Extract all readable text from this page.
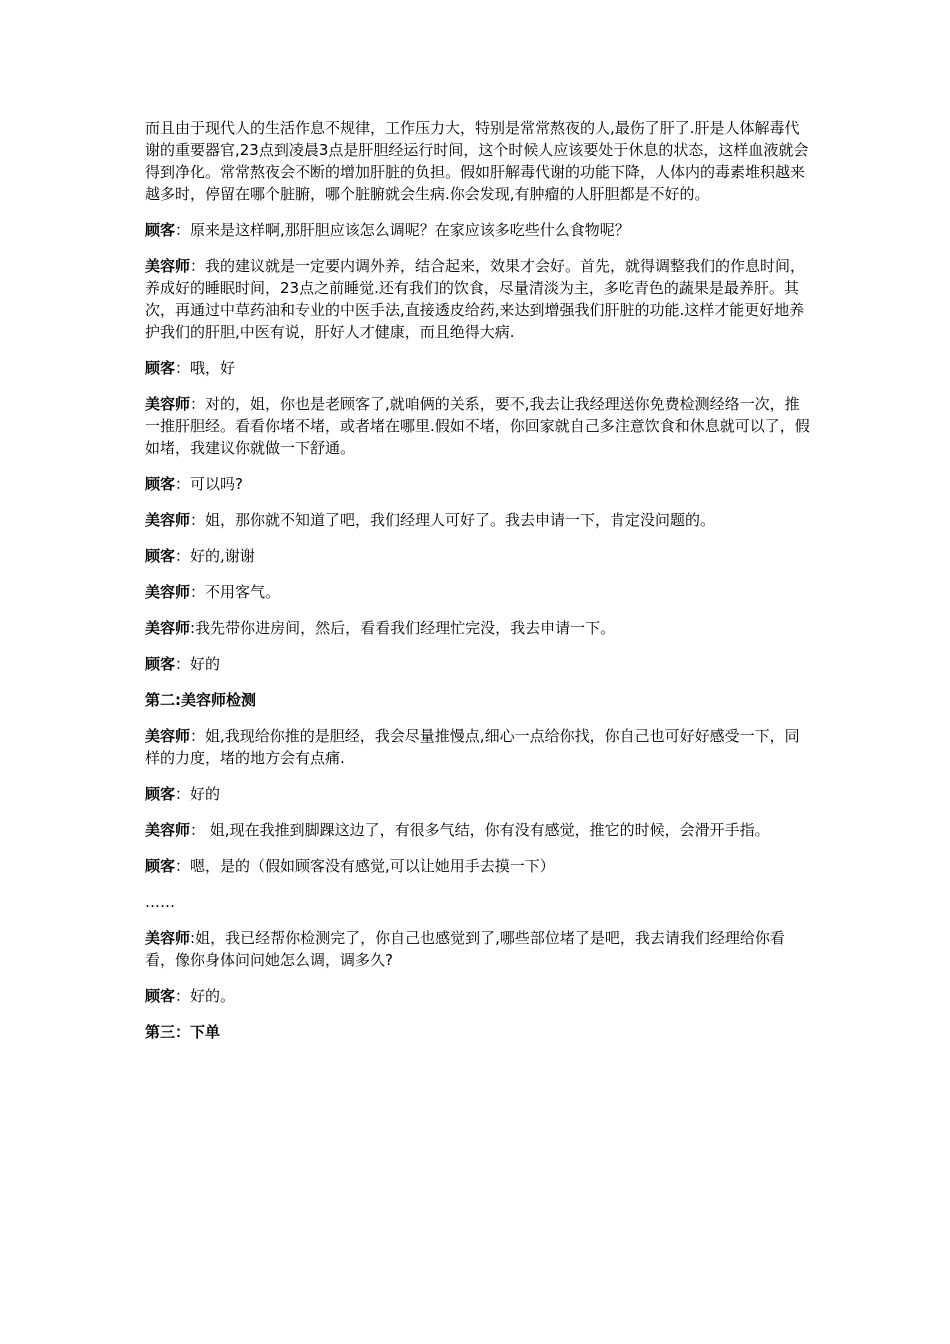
而且由于现代人的生活作息不规律，工作压力大，特别是常常熬夜的人,最伤了肝了.肝是人体解毒代谢的重要器官,23点到凌晨3点是肝胆经运行时间，这个时候人应该要处于休息的状态，这样血液就会得到净化。常常熬夜会不断的增加肝脏的负担。假如肝解毒代谢的功能下降，人体内的毒素堆积越来越多时，停留在哪个脏腑，哪个脏腑就会生病.你会发现,有肿瘤的人肝胆都是不好的。

顾客：原来是这样啊,那肝胆应该怎么调呢？在家应该多吃些什么食物呢？

美容师：我的建议就是一定要内调外养，结合起来，效果才会好。首先，就得调整我们的作息时间，养成好的睡眠时间，23点之前睡觉.还有我们的饮食，尽量清淡为主，多吃青色的蔬果是最养肝。其次，再通过中草药油和专业的中医手法,直接透皮给药,来达到增强我们肝脏的功能.这样才能更好地养护我们的肝胆,中医有说，肝好人才健康，而且绝得大病.

顾客：哦，好

美容师：对的，姐，你也是老顾客了,就咱俩的关系，要不,我去让我经理送你免费检测经络一次，推一推肝胆经。看看你堵不堵，或者堵在哪里.假如不堵，你回家就自己多注意饮食和休息就可以了，假如堵，我建议你就做一下舒通。

顾客：可以吗?

美容师：姐，那你就不知道了吧，我们经理人可好了。我去申请一下，肯定没问题的。

顾客：好的,谢谢

美容师：不用客气。

美容师:我先带你进房间，然后，看看我们经理忙完没，我去申请一下。

顾客：好的

第二:美容师检测

美容师：姐,我现给你推的是胆经，我会尽量推慢点,细心一点给你找，你自己也可好好感受一下，同样的力度，堵的地方会有点痛.

顾客：好的

美容师： 姐,现在我推到脚踝这边了，有很多气结，你有没有感觉，推它的时候，会滑开手指。

顾客：嗯，是的（假如顾客没有感觉,可以让她用手去摸一下）

……

美容师:姐，我已经帮你检测完了，你自己也感觉到了,哪些部位堵了是吧，我去请我们经理给你看看，像你身体问问她怎么调，调多久?

顾客：好的。

第三：下单
